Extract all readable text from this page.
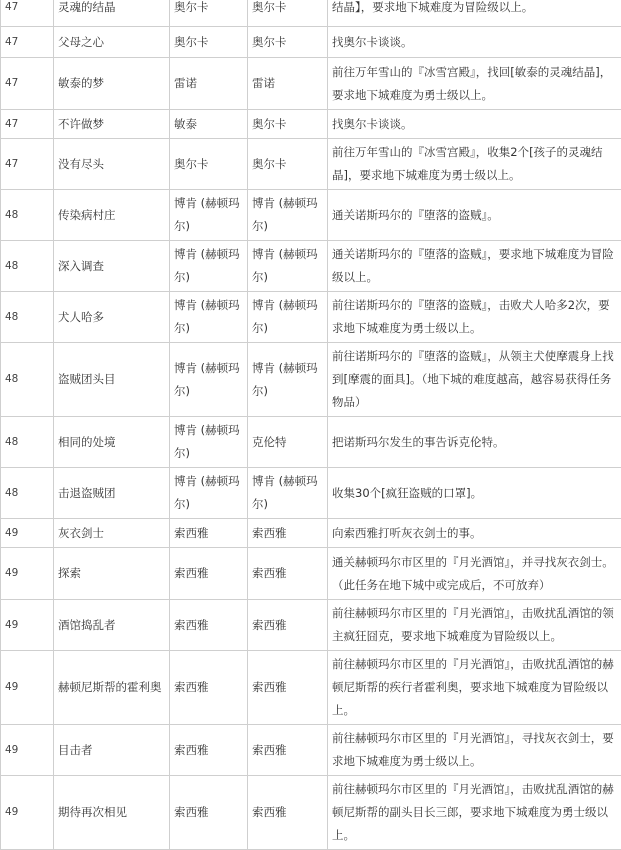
47	灵魂的结晶	奥尔卡	奥尔卡	结晶】，要求地下城难度为冒险级以上。
47	父母之心	奥尔卡	奥尔卡	找奥尔卡谈谈。
47	敏泰的梦	雷诺	雷诺	前往万年雪山的『冰雪宫殿』，找回[敏泰的灵魂结晶]，要求地下城难度为勇士级以上。
47	不许做梦	敏泰	奥尔卡	找奥尔卡谈谈。
47	没有尽头	奥尔卡	奥尔卡	前往万年雪山的『冰雪宫殿』，收集2个[孩子的灵魂结晶]，要求地下城难度为勇士级以上。
48	传染病村庄	博肯 (赫顿玛尔)	博肯 (赫顿玛尔)	通关诺斯玛尔的『堕落的盗贼』。
48	深入调查	博肯 (赫顿玛尔)	博肯 (赫顿玛尔)	通关诺斯玛尔的『堕落的盗贼』，要求地下城难度为冒险级以上。
48	犬人哈多	博肯 (赫顿玛尔)	博肯 (赫顿玛尔)	前往诺斯玛尔的『堕落的盗贼』，击败犬人哈多2次，要求地下城难度为勇士级以上。
48	盗贼团头目	博肯 (赫顿玛尔)	博肯 (赫顿玛尔)	前往诺斯玛尔的『堕落的盗贼』，从领主犬使摩震身上找到[摩震的面具]。（地下城的难度越高，越容易获得任务物品）
48	相同的处境	博肯 (赫顿玛尔)	克伦特	把诺斯玛尔发生的事告诉克伦特。
48	击退盗贼团	博肯 (赫顿玛尔)	博肯 (赫顿玛尔)	收集30个[疯狂盗贼的口罩]。
49	灰衣剑士	索西雅	索西雅	向索西雅打听灰衣剑士的事。
49	探索	索西雅	索西雅	通关赫顿玛尔市区里的『月光酒馆』，并寻找灰衣剑士。（此任务在地下城中或完成后，不可放弃）
49	酒馆捣乱者	索西雅	索西雅	前往赫顿玛尔市区里的『月光酒馆』，击败扰乱酒馆的领主疯狂囧克，要求地下城难度为冒险级以上。
49	赫顿尼斯帮的霍利奥	索西雅	索西雅	前往赫顿玛尔市区里的『月光酒馆』，击败扰乱酒馆的赫顿尼斯帮的疾行者霍利奥，要求地下城难度为冒险级以上。
49	目击者	索西雅	索西雅	前往赫顿玛尔市区里的『月光酒馆』，寻找灰衣剑士，要求地下城难度为勇士级以上。
49	期待再次相见	索西雅	索西雅	前往赫顿玛尔市区里的『月光酒馆』，击败扰乱酒馆的赫顿尼斯帮的副头目长三郎，要求地下城难度为勇士级以上。
